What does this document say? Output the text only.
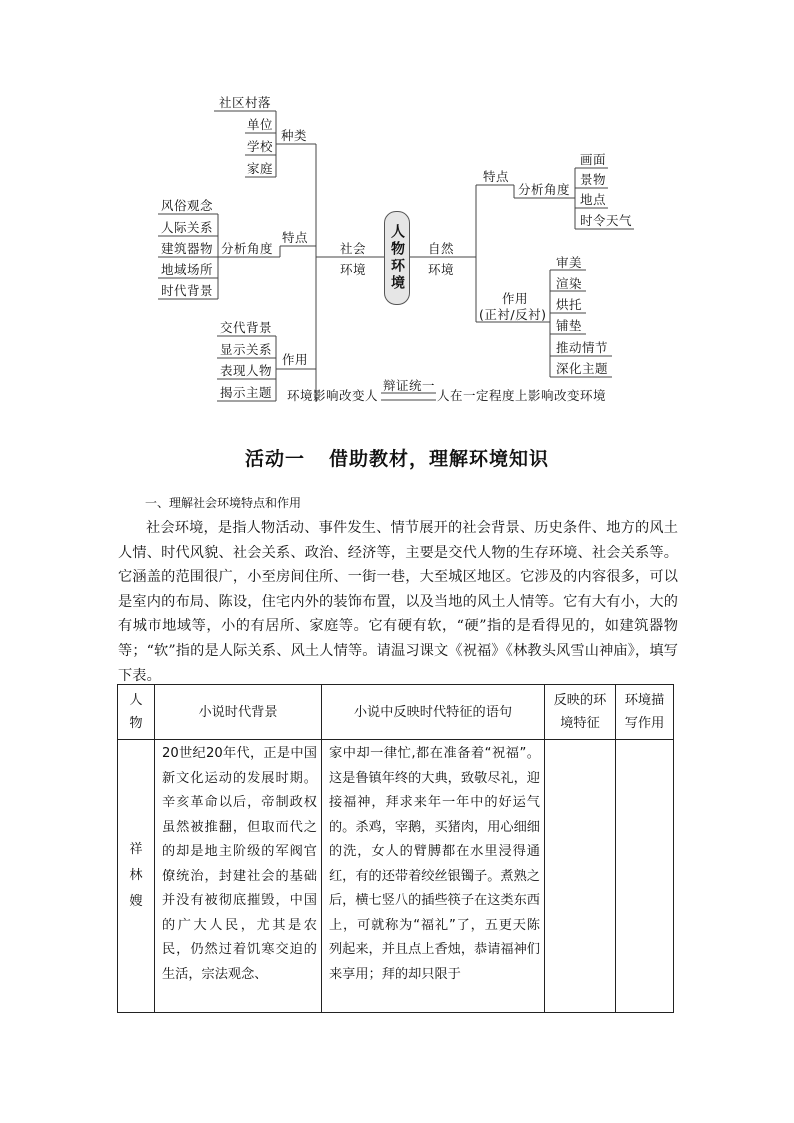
社区村落
单位
学校
家庭
种类
风俗观念
人际关系
建筑器物
地域场所
时代背景
分析角度
特点
交代背景
显示关系
表现人物
揭示主题
作用
社会
环境	人物环境	自然
环境
特点
分析角度
画面
景物
地点
时令天气
作用
(正衬/反衬)
审美
渲染
烘托
铺垫
推动情节
深化主题
环境影响改变人
辩证统一
人在一定程度上影响改变环境
活动一 借助教材，理解环境知识
一、理解社会环境特点和作用
社会环境，是指人物活动、事件发生、情节展开的社会背景、历史条件、地方的风土人情、时代风貌、社会关系、政治、经济等，主要是交代人物的生存环境、社会关系等。它涵盖的范围很广，小至房间住所、一街一巷，大至城区地区。它涉及的内容很多，可以是室内的布局、陈设，住宅内外的装饰布置，以及当地的风土人情等。它有大有小，大的有城市地域等，小的有居所、家庭等。它有硬有软，“硬”指的是看得见的，如建筑器物等；“软”指的是人际关系、风土人情等。请温习课文《祝福》《林教头风雪山神庙》，填写下表。
人物	小说时代背景	小说中反映时代特征的语句	反映的环境特征	环境描写作用

祥林嫂	20世纪20年代，正是中国新文化运动的发展时期。辛亥革命以后，帝制政权虽然被推翻，但取而代之的却是地主阶级的军阀官僚统治，封建社会的基础并没有被彻底摧毁，中国的广大人民，尤其是农民，仍然过着饥寒交迫的生活，宗法观念、	家中却一律忙,都在准备着“祝福”。这是鲁镇年终的大典，致敬尽礼，迎接福神，拜求来年一年中的好运气的。杀鸡，宰鹅，买猪肉，用心细细的洗，女人的臂膊都在水里浸得通红，有的还带着绞丝银镯子。煮熟之后，横七竖八的插些筷子在这类东西上，可就称为“福礼”了，五更天陈列起来，并且点上香烛，恭请福神们来享用；拜的却只限于		
